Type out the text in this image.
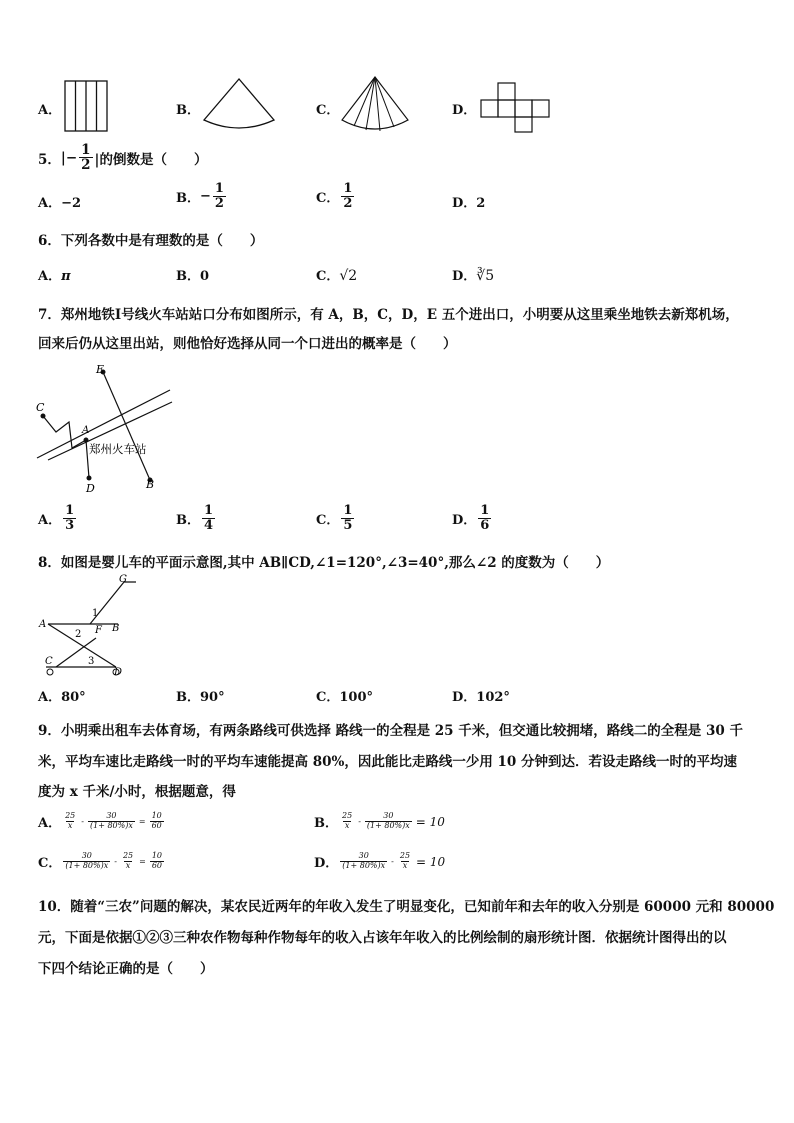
A．	B．	C．	D．
5． |− $\frac{1}{2}$ |的倒数是（　　）
A．−2	B． − $\frac{1}{2}$	C． $\frac{1}{2}$	D．2
6．下列各数中是有理数的是（　　）
A．π	B．0	C．√2	D．∛5
7．郑州地铁Ⅰ号线火车站站口分布如图所示，有 A，B，C，D，E 五个进出口，小明要从这里乘坐地铁去新郑机场，
回来后仍从这里出站，则他恰好选择从同一个口进出的概率是（　　）
E
C
A
郑州火车站
D	B
A． $\frac{1}{3}$	B． $\frac{1}{4}$	C． $\frac{1}{5}$	D． $\frac{1}{6}$
8．如图是婴儿车的平面示意图,其中 AB∥CD,∠1=120°,∠3=40°,那么∠2 的度数为（　　）
G
1
A
F B
2
C	3
D
A．80°	B．90°	C．100°	D．102°
9．小明乘出租车去体育场，有两条路线可供选择 路线一的全程是 25 千米，但交通比较拥堵，路线二的全程是 30 千
米，平均车速比走路线一时的平均车速能提高 80%，因此能比走路线一少用 10 分钟到达．若设走路线一时的平均速
度为 x 千米/小时，根据题意，得
A． $\frac{25}{x} - \frac{30}{(1+ 80\%)x} = \frac{10}{60}$	B． $\frac{25}{x} - \frac{30}{(1+ 80\%)x} = 10$
C． $\frac{30}{(1+ 80\%)x} - \frac{25}{x} = \frac{10}{60}$	D． $\frac{30}{(1+ 80\%)x} - \frac{25}{x} = 10$
10．随着“三农”问题的解决，某农民近两年的年收入发生了明显变化，已知前年和去年的收入分别是 60000 元和 80000
元，下面是依据①②③三种农作物每种作物每年的收入占该年年收入的比例绘制的扇形统计图．依据统计图得出的以
下四个结论正确的是（　　）
